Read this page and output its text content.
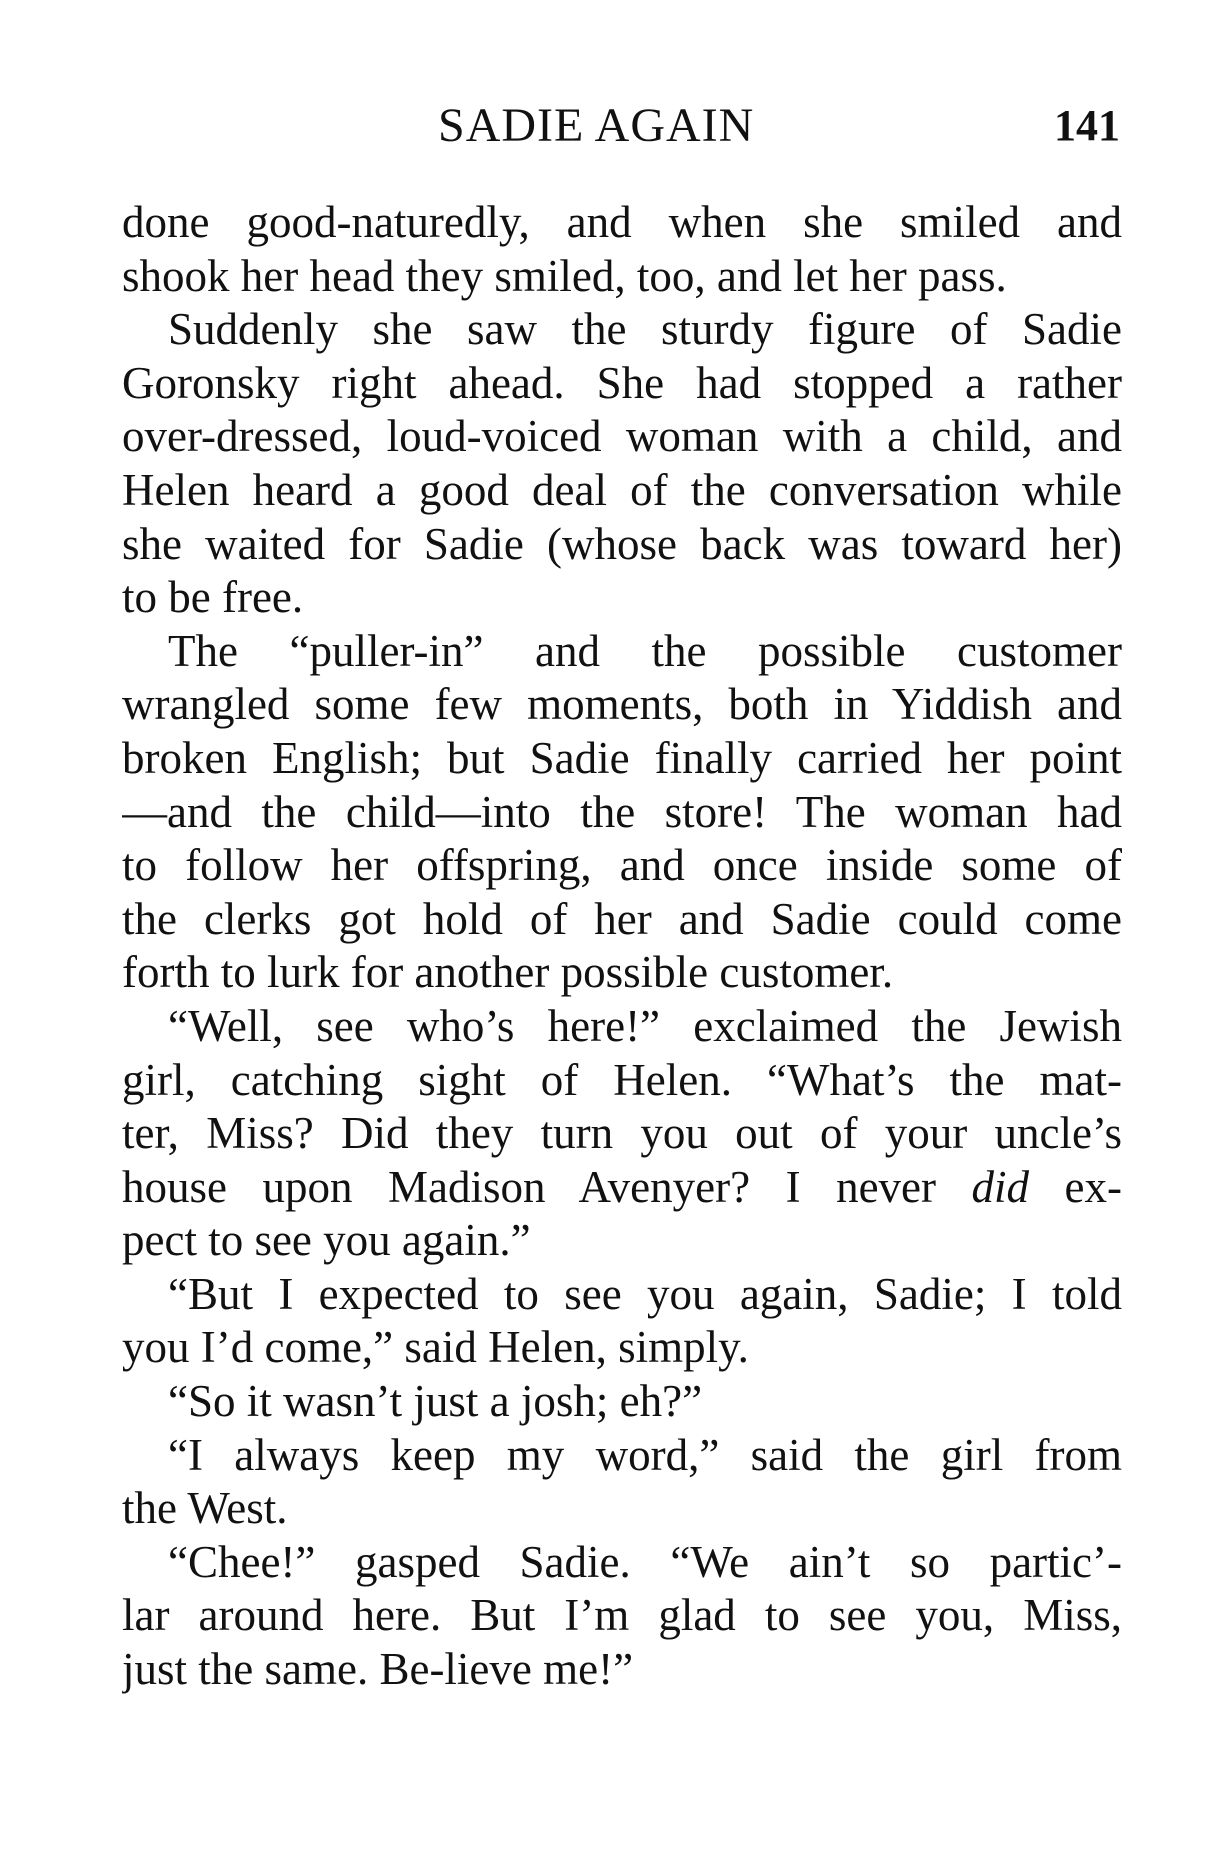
SADIE AGAIN	141
done good-naturedly, and when she smiled and
shook her head they smiled, too, and let her pass.
Suddenly she saw the sturdy figure of Sadie
Goronsky right ahead. She had stopped a rather
over-dressed, loud-voiced woman with a child, and
Helen heard a good deal of the conversation while
she waited for Sadie (whose back was toward her)
to be free.
The “puller-in” and the possible customer
wrangled some few moments, both in Yiddish and
broken English; but Sadie finally carried her point
—and the child—into the store! The woman had
to follow her offspring, and once inside some of
the clerks got hold of her and Sadie could come
forth to lurk for another possible customer.
“Well, see who’s here!” exclaimed the Jewish
girl, catching sight of Helen. “What’s the mat-
ter, Miss? Did they turn you out of your uncle’s
house upon Madison Avenyer? I never did ex-
pect to see you again.”
“But I expected to see you again, Sadie; I told
you I’d come,” said Helen, simply.
“So it wasn’t just a josh; eh?”
“I always keep my word,” said the girl from
the West.
“Chee!” gasped Sadie. “We ain’t so partic’-
lar around here. But I’m glad to see you, Miss,
just the same. Be-lieve me!”
